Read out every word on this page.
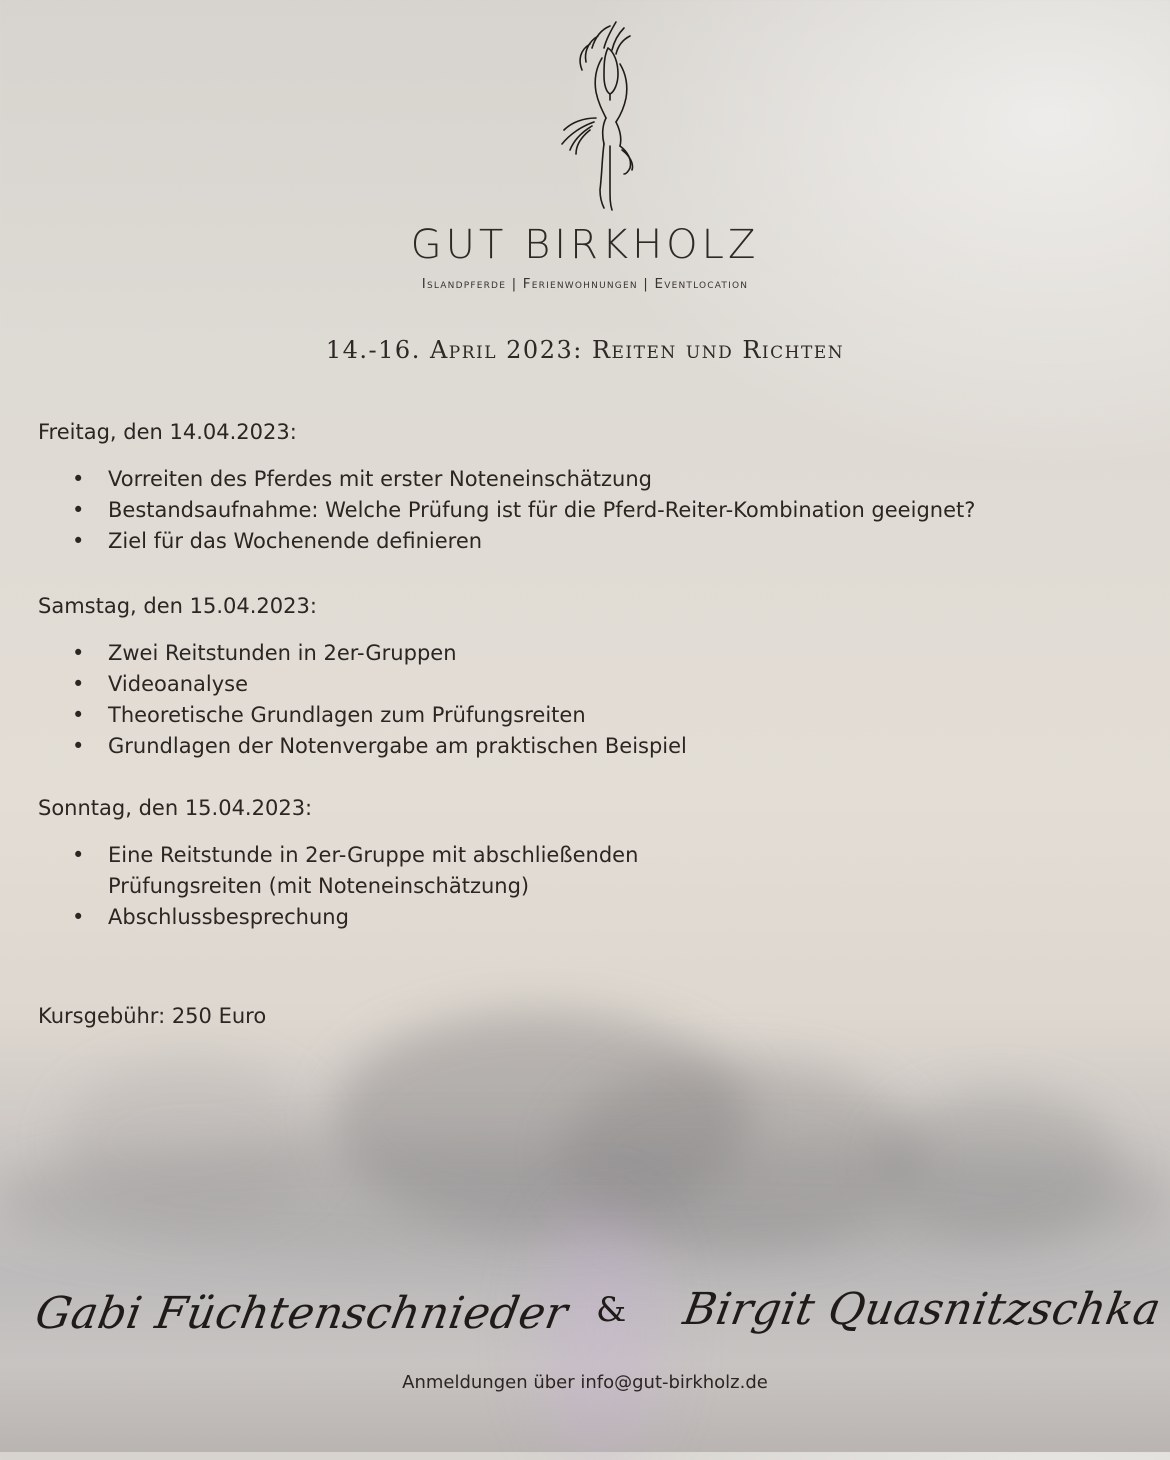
GUT BIRKHOLZ
Islandpferde | Ferienwohnungen | Eventlocation
14.-16. April 2023: Reiten und Richten
Freitag, den 14.04.2023:
• Vorreiten des Pferdes mit erster Noteneinschätzung
• Bestandsaufnahme: Welche Prüfung ist für die Pferd-Reiter-Kombination geeignet?
• Ziel für das Wochenende definieren
Samstag, den 15.04.2023:
• Zwei Reitstunden in 2er-Gruppen
• Videoanalyse
• Theoretische Grundlagen zum Prüfungsreiten
• Grundlagen der Notenvergabe am praktischen Beispiel
Sonntag, den 15.04.2023:
• Eine Reitstunde in 2er-Gruppe mit abschließenden
Prüfungsreiten (mit Noteneinschätzung)
• Abschlussbesprechung
Kursgebühr: 250 Euro
Gabi Füchtenschnieder & Birgit Quasnitzschka
Anmeldungen über info@gut-birkholz.de
